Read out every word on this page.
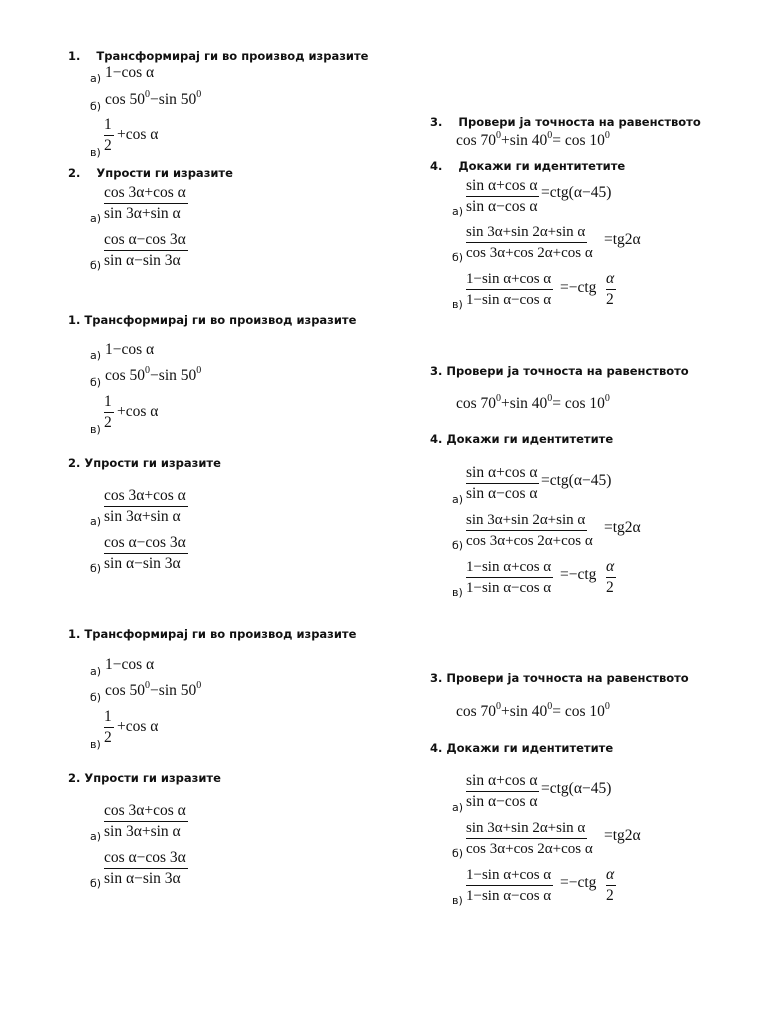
1. Трансформирај ги во производ изразите
а) 1−cos α
б) $\cos 50^0-\sin$ $50^0$
$в) \frac{1}{2} +\cos$ α
2. Упрости ги изразите
$а) \frac{\text{cos 3α+cos α}}{\text{sin 3α+sin α}}$
$б) \frac{\text{cos α−cos 3α}}{\text{sin α−sin 3α}}$
3. Провери ја точноста на равенството
$\cos 70^0+\sin$ $40^0= \cos 10^0$
4. Докажи ги идентитетите
$а) \frac{\text{sin α+cos α}}{\text{sin α−cos α}} =ctg(\alpha-45)$
$б) \frac{\text{sin 3α+sin 2α+sin α}}{\text{cos 3α+cos 2α+cos α}} =tg2\alpha$
$в) \frac{\text{1−sin α+cos α}}{\text{1−sin α−cos α}} =-ctg \frac{\alpha}{2}$
1. Трансформирај ги во производ изразите
а) 1−cos α
б) $\cos 50^0-\sin$ $50^0$
$в) \frac{1}{2} +\cos$ α
2. Упрости ги изразите
$а) \frac{\text{cos 3α+cos α}}{\text{sin 3α+sin α}}$
$б) \frac{\text{cos α−cos 3α}}{\text{sin α−sin 3α}}$
3. Провери ја точноста на равенството
$\cos 70^0+\sin$ $40^0= \cos 10^0$
4. Докажи ги идентитетите
$а) \frac{\text{sin α+cos α}}{\text{sin α−cos α}} =ctg(\alpha-45)$
$б) \frac{\text{sin 3α+sin 2α+sin α}}{\text{cos 3α+cos 2α+cos α}} =tg2\alpha$
$в) \frac{\text{1−sin α+cos α}}{\text{1−sin α−cos α}} =-ctg \frac{\alpha}{2}$
1. Трансформирај ги во производ изразите
а) 1−cos α
б) $\cos 50^0-\sin$ $50^0$
$в) \frac{1}{2} +\cos$ α
2. Упрости ги изразите
$а) \frac{\text{cos 3α+cos α}}{\text{sin 3α+sin α}}$
$б) \frac{\text{cos α−cos 3α}}{\text{sin α−sin 3α}}$
3. Провери ја точноста на равенството
$\cos 70^0+\sin$ $40^0= \cos 10^0$
4. Докажи ги идентитетите
$а) \frac{\text{sin α+cos α}}{\text{sin α−cos α}} =ctg(\alpha-45)$
$б) \frac{\text{sin 3α+sin 2α+sin α}}{\text{cos 3α+cos 2α+cos α}} =tg2\alpha$
$в) \frac{\text{1−sin α+cos α}}{\text{1−sin α−cos α}} =-ctg \frac{\alpha}{2}$
